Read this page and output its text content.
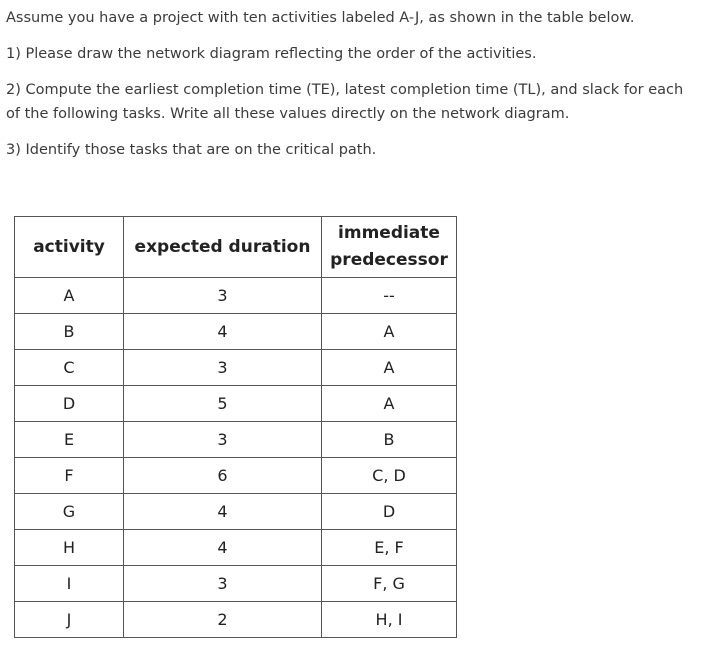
Assume you have a project with ten activities labeled A-J, as shown in the table below.
1) Please draw the network diagram reflecting the order of the activities.
2) Compute the earliest completion time (TE), latest completion time (TL), and slack for each of the following tasks. Write all these values directly on the network diagram.
3) Identify those tasks that are on the critical path.
activity	expected duration	immediate
predecessor
A	3	--
B	4	A
C	3	A
D	5	A
E	3	B
F	6	C, D
G	4	D
H	4	E, F
I	3	F, G
J	2	H, I
